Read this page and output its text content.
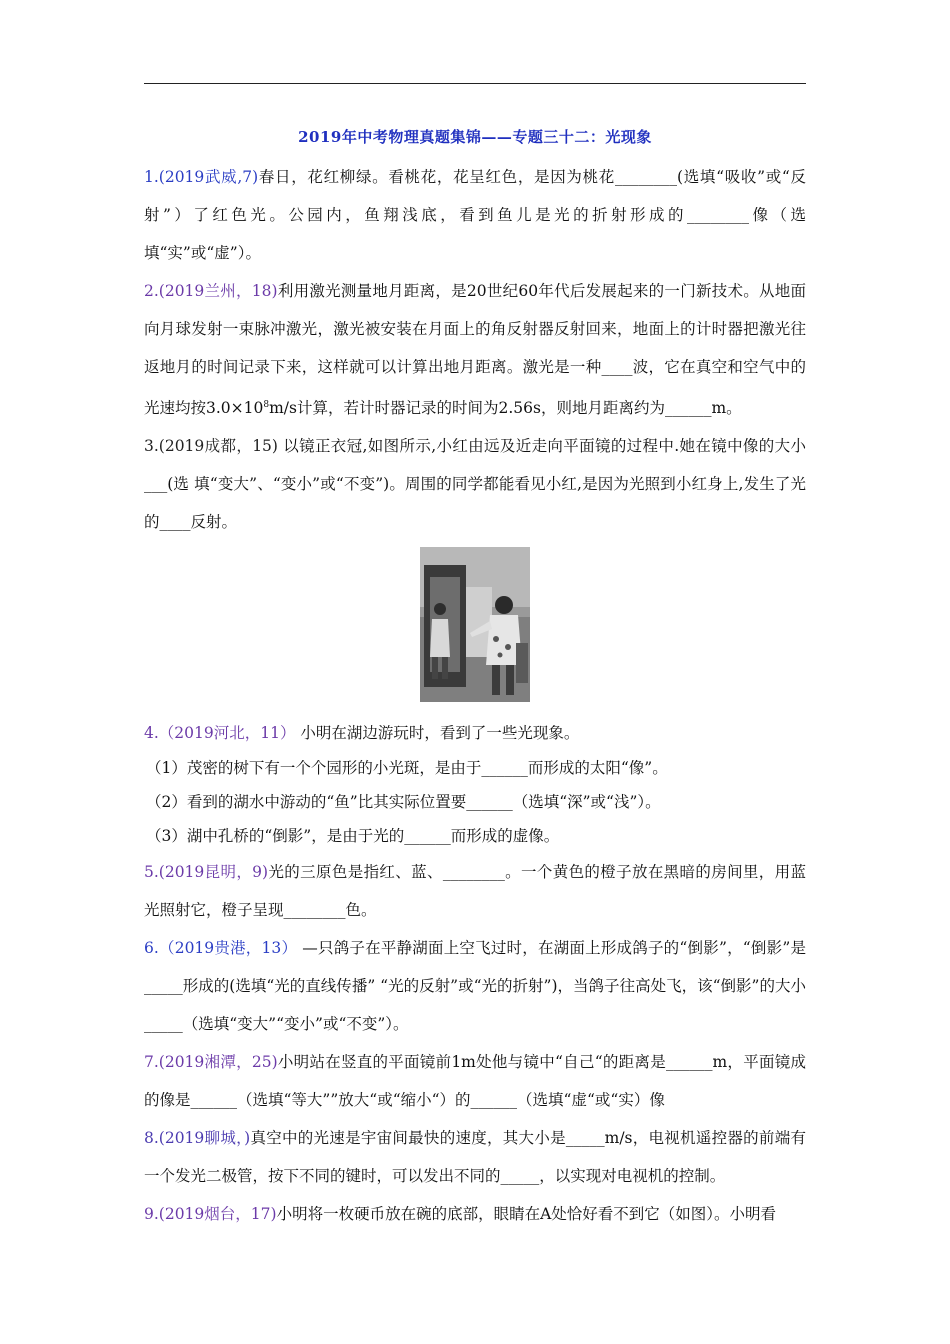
2019年中考物理真题集锦——专题三十二：光现象

1.(2019武威,7)春日，花红柳绿。看桃花，花呈红色，是因为桃花________(选填“吸收”或“反射”）了红色光。公园内，鱼翔浅底，看到鱼儿是光的折射形成的________像（选填“实”或“虚”）。

2.(2019兰州，18)利用激光测量地月距离，是20世纪60年代后发展起来的一门新技术。从地面向月球发射一束脉冲激光，激光被安装在月面上的角反射器反射回来，地面上的计时器把激光往返地月的时间记录下来，这样就可以计算出地月距离。激光是一种____波，它在真空和空气中的光速均按$3.0\times 10^8m/s$计算，若计时器记录的时间为2.56s，则地月距离约为______m。

3.(2019成都，15) 以镜正衣冠,如图所示,小红由远及近走向平面镜的过程中.她在镜中像的大小___(选 填“变大”、“变小”或“不变”)。周围的同学都能看见小红,是因为光照到小红身上,发生了光的____反射。

4.（2019河北，11） 小明在湖边游玩时，看到了一些光现象。

（1）茂密的树下有一个个园形的小光斑，是由于______而形成的太阳“像”。

（2）看到的湖水中游动的“鱼”比其实际位置要______（选填“深”或“浅”）。

（3）湖中孔桥的“倒影”，是由于光的______而形成的虚像。

5.(2019昆明，9)光的三原色是指红、蓝、________。一个黄色的橙子放在黑暗的房间里，用蓝光照射它，橙子呈现________色。

6.（2019贵港，13） —只鸽子在平静湖面上空飞过时，在湖面上形成鸽子的“倒影”，“倒影”是_____形成的(选填“光的直线传播” “光的反射”或“光的折射”)，当鸽子往高处飞，该“倒影”的大小_____（选填“变大”“变小”或“不变”）。

7.(2019湘潭，25)小明站在竖直的平面镜前1m处他与镜中“自己“的距离是______m，平面镜成的像是______（选填“等大””放大“或“缩小“）的______（选填“虚“或“实）像

8.(2019聊城，)真空中的光速是宇宙间最快的速度，其大小是_____m/s，电视机遥控器的前端有一个发光二极管，按下不同的键时，可以发出不同的_____，以实现对电视机的控制。

9.(2019烟台，17)小明将一枚硬币放在碗的底部，眼睛在A处恰好看不到它（如图）。小明看
